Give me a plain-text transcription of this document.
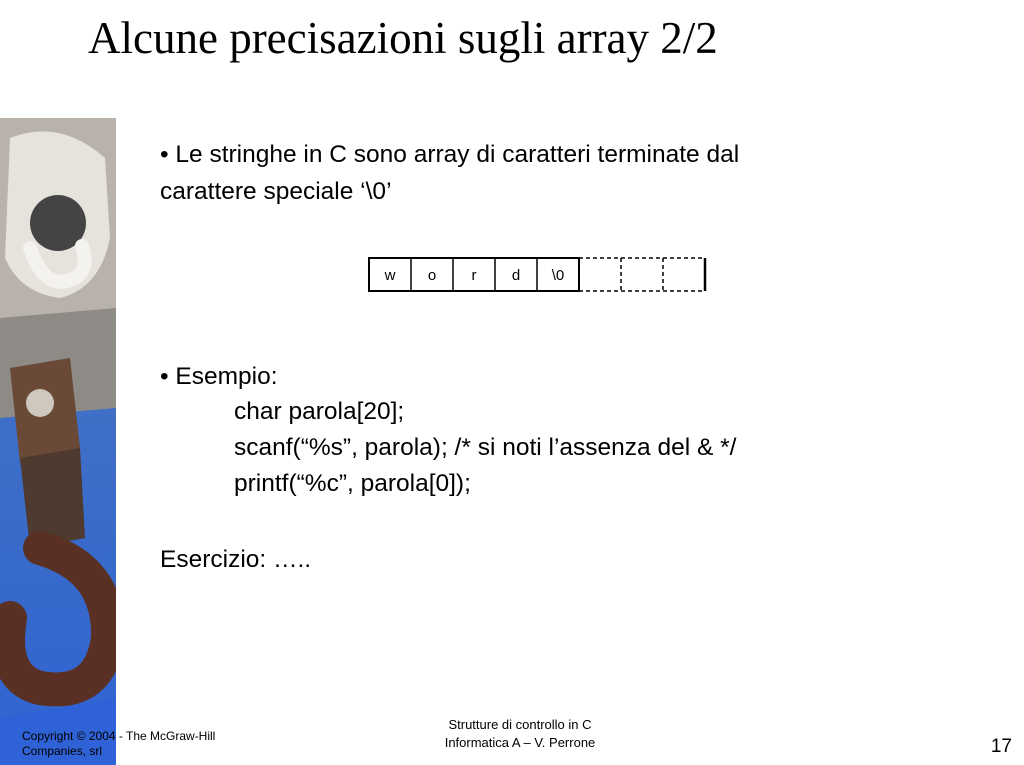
Alcune precisazioni sugli array 2/2
• Le stringhe in C sono array di caratteri terminate dal
carattere speciale ‘\0’
• Esempio:
char parola[20];
scanf(“%s”, parola); /* si noti l’assenza del & */
printf(“%c”, parola[0]);
Esercizio: …..
w o r d \0
Copyright © 2004 - The McGraw-Hill Companies, srl
Strutture di controllo in C
Informatica A – V. Perrone	17
